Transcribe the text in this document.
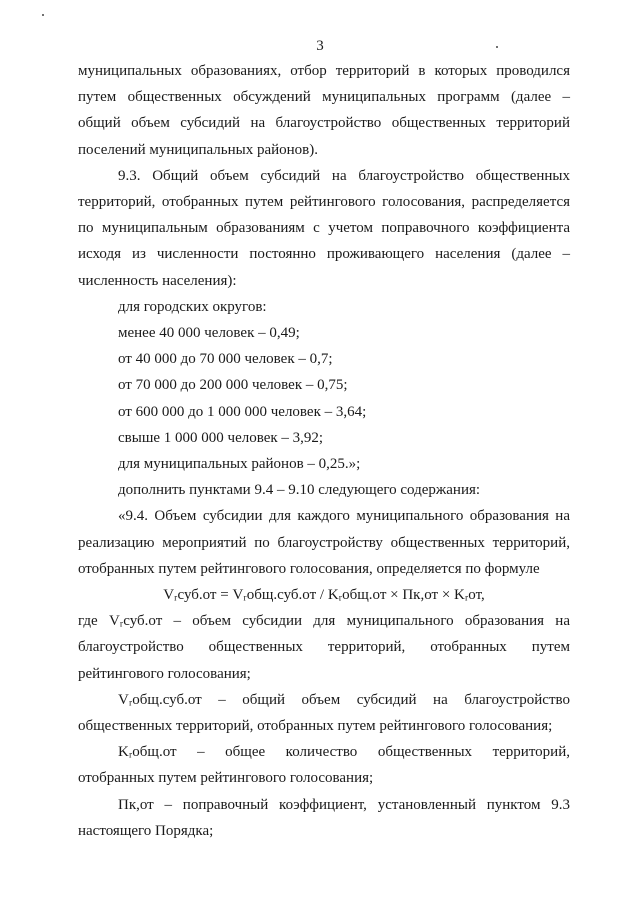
3

муниципальных образованиях, отбор территорий в которых проводился путем общественных обсуждений муниципальных программ (далее – общий объем субсидий на благоустройство общественных территорий поселений муниципальных районов).

9.3. Общий объем субсидий на благоустройство общественных территорий, отобранных путем рейтингового голосования, распределяется по муниципальным образованиям с учетом поправочного коэффициента исходя из численности постоянно проживающего населения (далее – численность населения):

для городских округов:

менее 40 000 человек – 0,49;

от 40 000 до 70 000 человек – 0,7;

от 70 000 до 200 000 человек – 0,75;

от 600 000 до 1 000 000 человек – 3,64;

свыше 1 000 000 человек – 3,92;

для муниципальных районов – 0,25.»;

дополнить пунктами 9.4 – 9.10 следующего содержания:

«9.4. Объем субсидии для каждого муниципального образования на реализацию мероприятий по благоустройству общественных территорий, отобранных путем рейтингового голосования, определяется по формуле

Vᵣсуб.от = Vᵣобщ.суб.от / Kᵣобщ.от × Пк,от × Kᵣот,

где Vᵣсуб.от – объем субсидии для муниципального образования на

благоустройство общественных территорий, отобранных путем

рейтингового голосования;

Vᵣобщ.суб.от – общий объем субсидий на благоустройство

общественных территорий, отобранных путем рейтингового голосования;

Kᵣобщ.от – общее количество общественных территорий,

отобранных путем рейтингового голосования;

Пк,от – поправочный коэффициент, установленный пунктом 9.3

настоящего Порядка;
